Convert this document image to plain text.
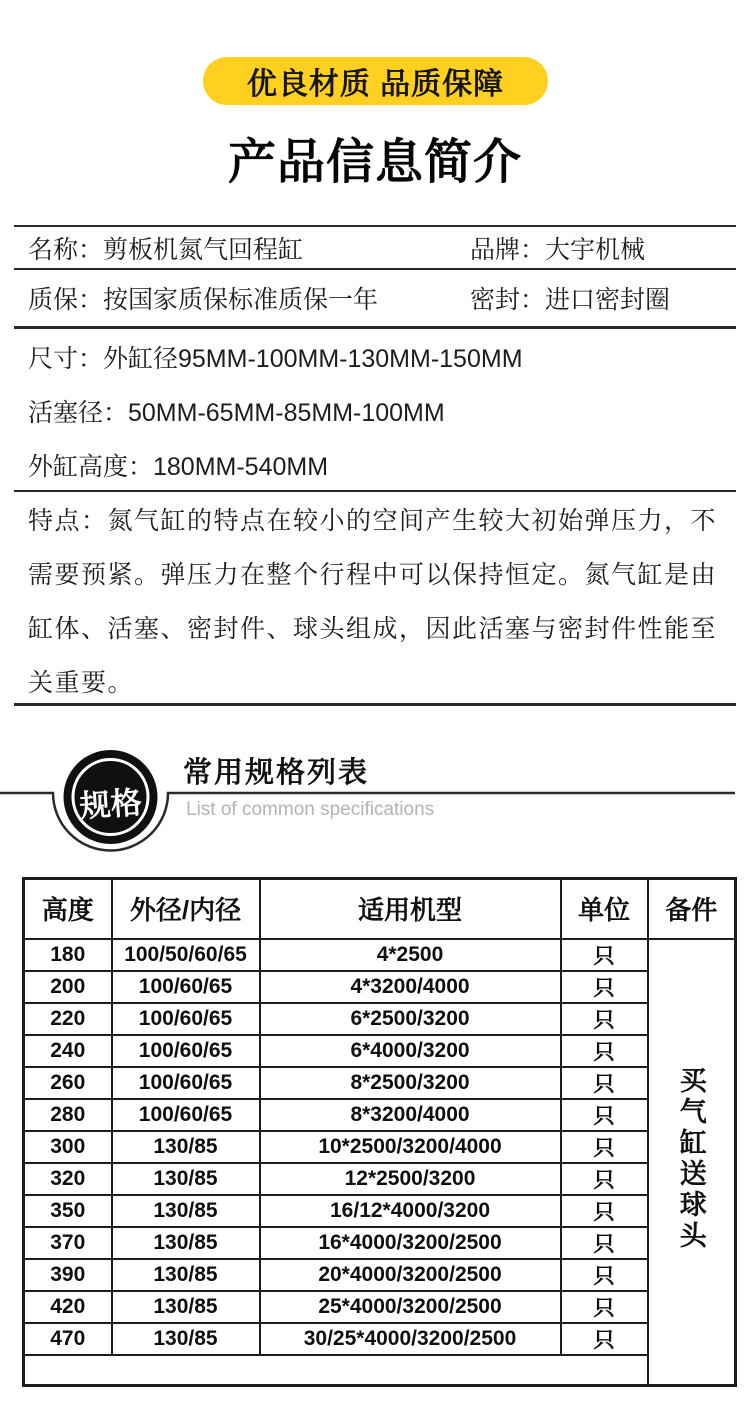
优良材质 品质保障
产品信息简介
名称：剪板机氮气回程缸	品牌：大宇机械
质保：按国家质保标准质保一年	密封：进口密封圈
尺寸：外缸径95MM-100MM-130MM-150MM
活塞径：50MM-65MM-85MM-100MM
外缸高度：180MM-540MM
特点：氮气缸的特点在较小的空间产生较大初始弹压力，不
需要预紧。弹压力在整个行程中可以保持恒定。氮气缸是由
缸体、活塞、密封件、球头组成，因此活塞与密封件性能至
关重要。
规格
常用规格列表
List of common specifications
高度	外径/内径	适用机型	单位	备件
180	100/50/60/65	4*2500	只	买气缸送球头
200	100/60/65	4*3200/4000	只	
220	100/60/65	6*2500/3200	只	
240	100/60/65	6*4000/3200	只	
260	100/60/65	8*2500/3200	只	
280	100/60/65	8*3200/4000	只	
300	130/85	10*2500/3200/4000	只	
320	130/85	12*2500/3200	只	
350	130/85	16/12*4000/3200	只	
370	130/85	16*4000/3200/2500	只	
390	130/85	20*4000/3200/2500	只	
420	130/85	25*4000/3200/2500	只	
470	130/85	30/25*4000/3200/2500	只	
